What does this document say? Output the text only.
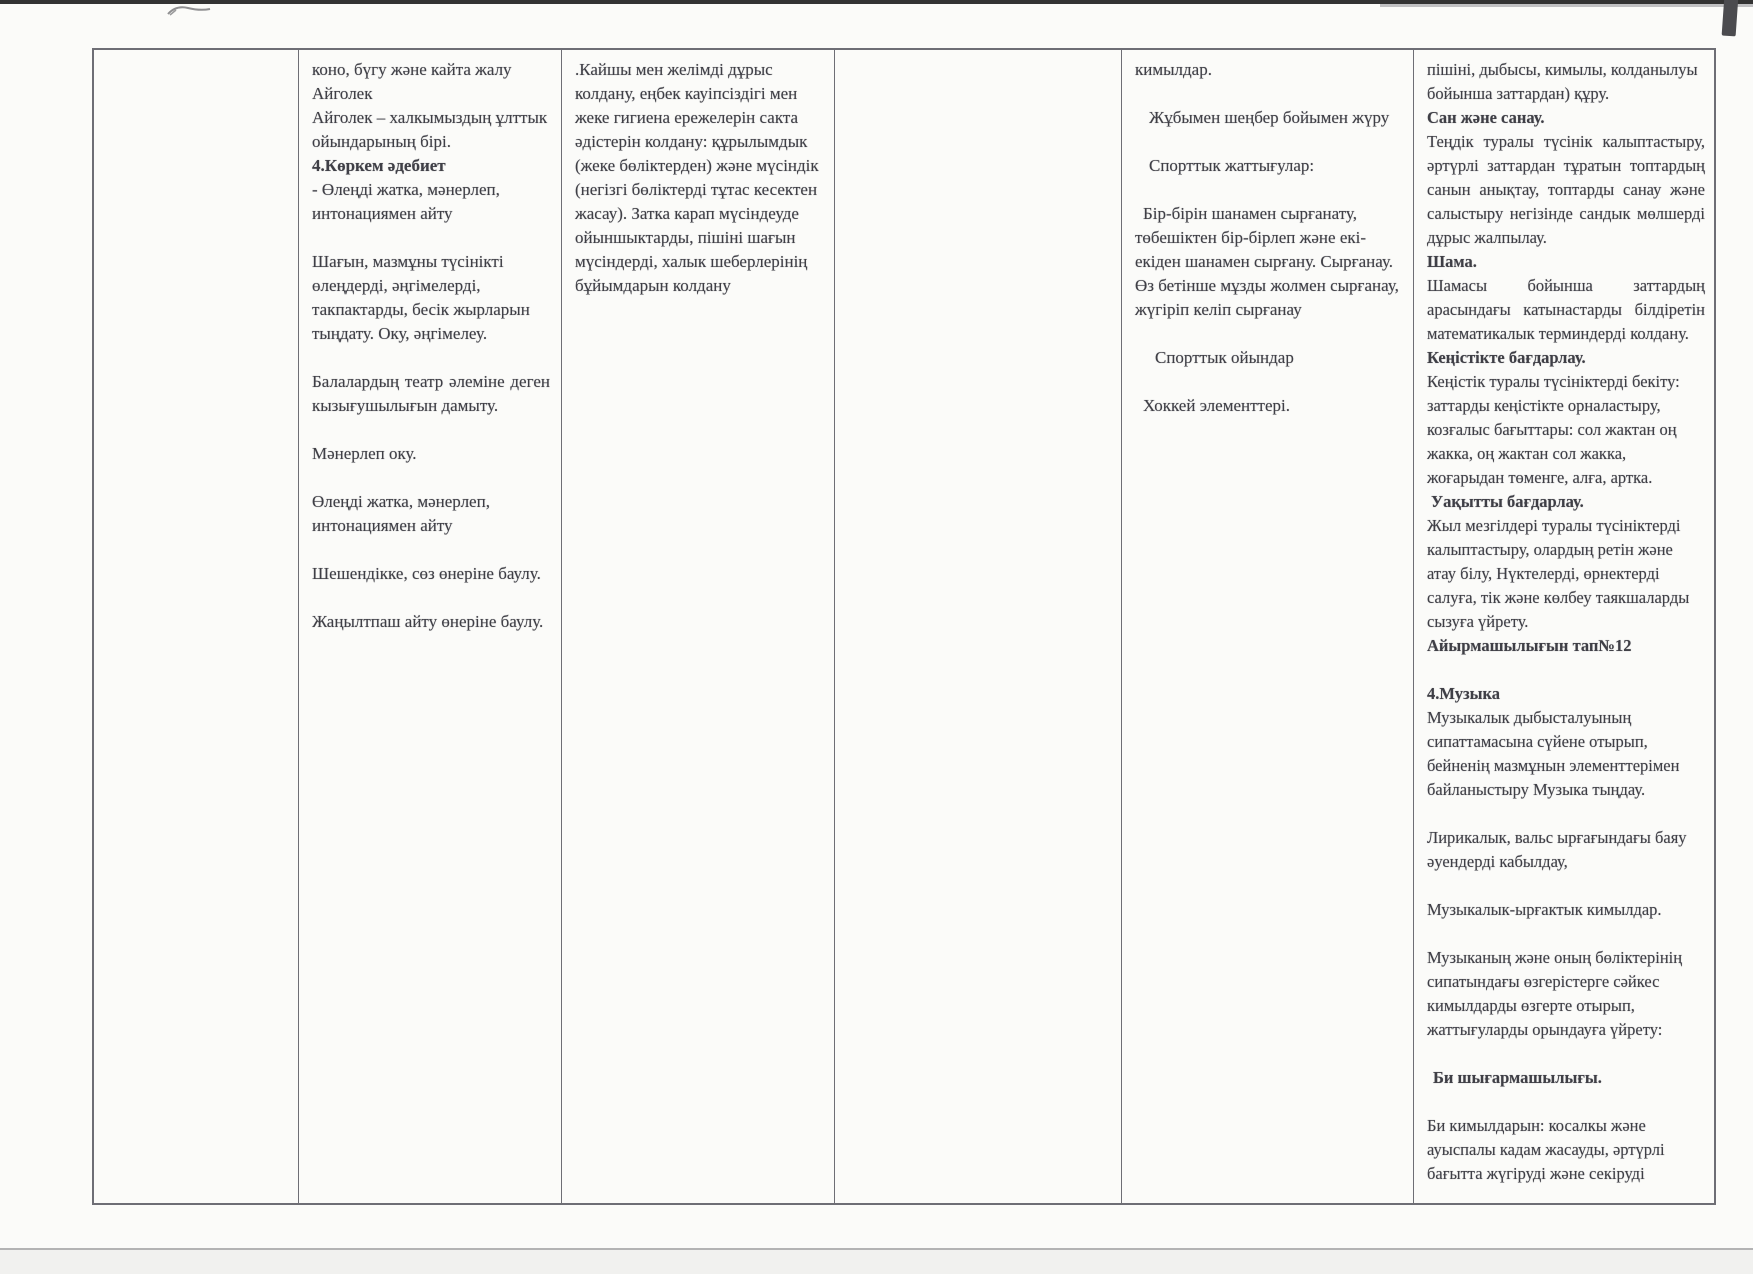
коно, бүгу және кайта жалу

Айголек

Айголек – халкымыздың ұлттык ойындарының бірі.

4.Көркем әдебиет

- Өлеңді жатка, мәнерлеп, интонациямен айту

Шағын, мазмұны түсінікті өлеңдерді, әңгімелерді, такпактарды, бесік жырларын тыңдату. Оку, әңгімелеу.

Балалардың театр әлеміне деген кызығушылығын дамыту.

Мәнерлеп оку.

Өлеңді жатка, мәнерлеп, интонациямен айту

Шешендікке, сөз өнеріне баулу.

Жаңылтпаш айту өнеріне баулу.

.Кайшы мен желімді дұрыс колдану, еңбек кауіпсіздігі мен жеке гигиена ережелерін сакта әдістерін колдану: құрылымдык (жеке бөліктерден) және мүсіндік (негізгі бөліктерді тұтас кесектен жасау). Затка карап мүсіндеуде ойыншыктарды, пішіні шағын мүсіндерді, халык шеберлерінің бұйымдарын колдану

кимылдар.

Жұбымен шеңбер бойымен жүру

Спорттык жаттығулар:

Бір-бірін шанамен сырғанату, төбешіктен бір-бірлеп және екі-екіден шанамен сырғану. Сырғанау. Өз бетінше мұзды жолмен сырғанау, жүгіріп келіп сырғанау

Спорттык ойындар

Хоккей элементтері.

пішіні, дыбысы, кимылы, колданылуы бойынша заттардан) құру.

Сан және санау.

Теңдік туралы түсінік калыптастыру, әртүрлі заттардан тұратын топтардың санын анықтау, топтарды санау және салыстыру негізінде сандык мөлшерді дұрыс жалпылау.

Шама.

Шамасы бойынша заттардың арасындағы катынастарды білдіретін математикалык терминдерді колдану.

Кеңістікте бағдарлау.

Кеңістік туралы түсініктерді бекіту: заттарды кеңістікте орналастыру, козғалыс бағыттары: сол жактан оң жакка, оң жактан сол жакка, жоғарыдан төменге, алға, артка.

Уақытты бағдарлау.

Жыл мезгілдері туралы түсініктерді калыптастыру, олардың ретін және атау білу, Нүктелерді, өрнектерді салуға, тік және көлбеу таякшаларды сызуға үйрету.

Айырмашылығын тап№12

4.Музыка

Музыкалык дыбысталуының сипаттамасына сүйене отырып, бейненің мазмұнын элементтерімен байланыстыру Музыка тыңдау.

Лирикалык, вальс ырғағындағы баяу әуендерді кабылдау,

Музыкалык-ырғактык кимылдар.

Музыканың және оның бөліктерінің сипатындағы өзгерістерге сәйкес кимылдарды өзгерте отырып, жаттығуларды орындауға үйрету:

Би шығармашылығы.

Би кимылдарын: косалкы және ауыспалы кадам жасауды, әртүрлі бағытта жүгіруді және секіруді
